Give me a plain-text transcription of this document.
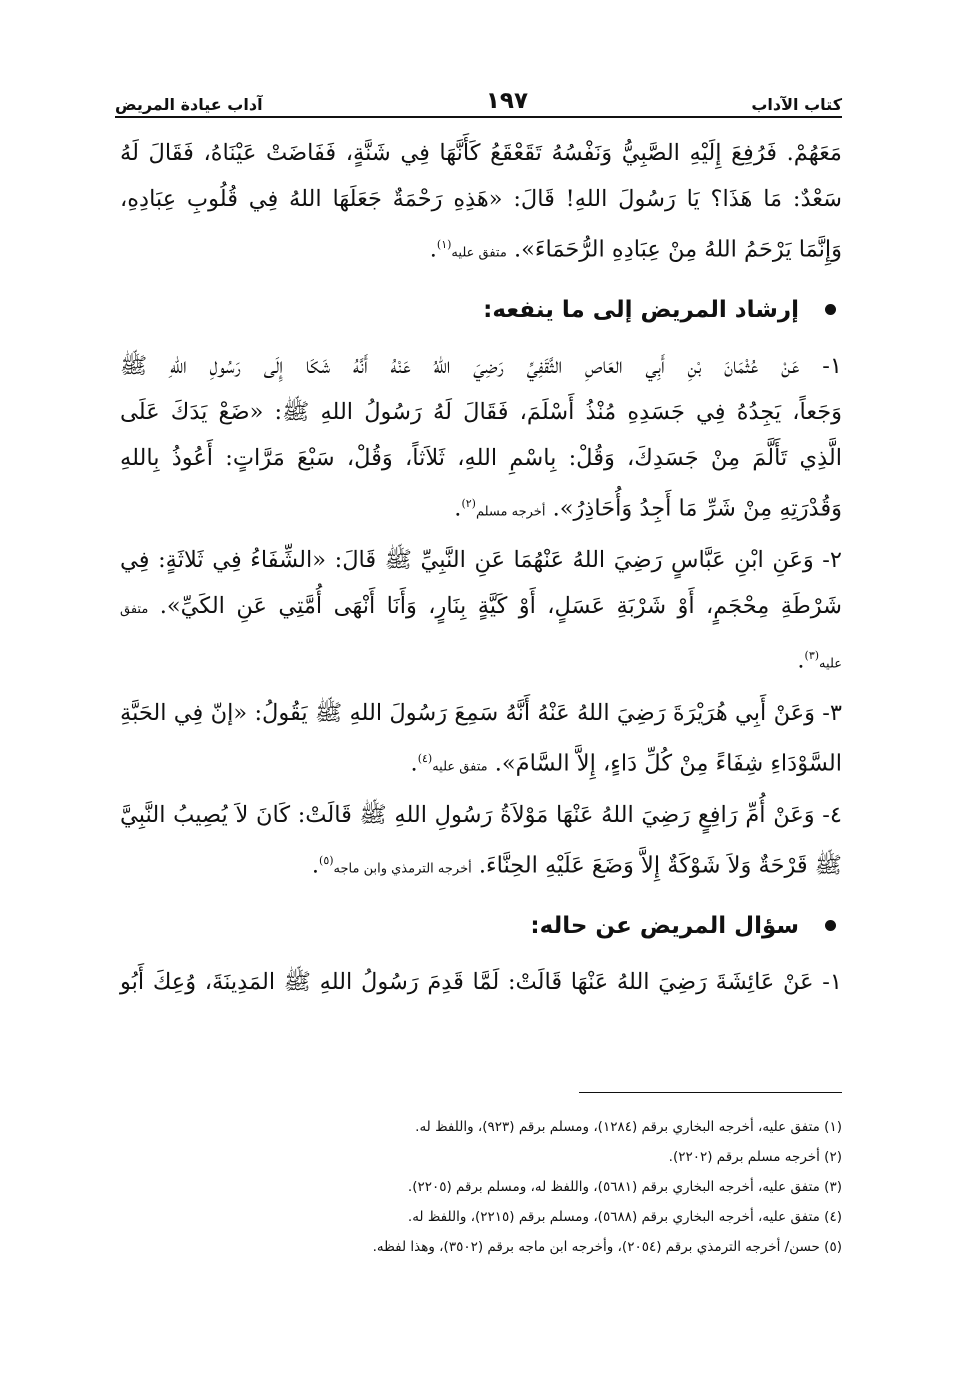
كتاب الآداب
١٩٧
آداب عيادة المريض
مَعَهُمْ. فَرُفِعَ إِلَيْهِ الصَّبِيُّ وَنَفْسُهُ تَقَعْقَعُ كَأَنَّهَا فِي شَنَّةٍ، فَفَاضَتْ عَيْنَاهُ، فَقَالَ لَهُ
سَعْدٌ: مَا هَذَا؟ يَا رَسُولَ اللهِ! قَالَ: «هَذِهِ رَحْمَةٌ جَعَلَهَا اللهُ فِي قُلُوبِ عِبَادِهِ،
وَإِنَّمَا يَرْحَمُ اللهُ مِنْ عِبَادِهِ الرُّحَمَاءَ». متفق عليه$^{(١)}$.
إرشاد المريض إلى ما ينفعه:
١- عَنْ عُثْمَانَ بْنِ أَبِي العَاصِ الثَّقَفِيِّ رَضِيَ اللهُ عَنْهُ أَنَّهُ شَكَا إِلَى رَسُولِ اللهِ ﷺ
وَجَعاً، يَجِدُهُ فِي جَسَدِهِ مُنْذُ أَسْلَمَ، فَقَالَ لَهُ رَسُولُ اللهِ ﷺ: «ضَعْ يَدَكَ عَلَى
الَّذِي تَأَلَّمَ مِنْ جَسَدِكَ، وَقُلْ: بِاسْمِ اللهِ، ثَلاَثاً، وَقُلْ، سَبْعَ مَرَّاتٍ: أَعُوذُ بِاللهِ
وَقُدْرَتِهِ مِنْ شَرِّ مَا أَجِدُ وَأُحَاذِرُ». أخرجه مسلم$^{(٢)}$.
٢- وَعَنِ ابْنِ عَبَّاسٍ رَضِيَ اللهُ عَنْهُمَا عَنِ النَّبِيِّ ﷺ قَالَ: «الشِّفَاءُ فِي ثَلاثَةٍ: فِي
شَرْطَةِ مِحْجَمٍ، أَوْ شَرْبَةِ عَسَلٍ، أَوْ كَيَّةٍ بِنَارٍ، وَأَنَا أَنْهَى أُمَّتِي عَنِ الكَيِّ». متفق
عليه$^{(٣)}$.
٣- وَعَنْ أَبِي هُرَيْرَةَ رَضِيَ اللهُ عَنْهُ أَنَّهُ سَمِعَ رَسُولَ اللهِ ﷺ يَقُولُ: «إنّ فِي الحَبَّةِ
السَّوْدَاءِ شِفَاءً مِنْ كُلِّ دَاءٍ، إِلاَّ السَّامَ». متفق عليه$^{(٤)}$.
٤- وَعَنْ أُمِّ رَافِعٍ رَضِيَ اللهُ عَنْهَا مَوْلاَةُ رَسُولِ اللهِ ﷺ قَالَتْ: كَانَ لاَ يُصِيبُ النَّبِيَّ
ﷺ قَرْحَةٌ وَلاَ شَوْكَةٌ إِلاَّ وَضَعَ عَلَيْهِ الحِنَّاءَ. أخرجه الترمذي وابن ماجه$^{(٥)}$.
سؤال المريض عن حاله:
١- عَنْ عَائِشَةَ رَضِيَ اللهُ عَنْهَا قَالَتْ: لَمَّا قَدِمَ رَسُولُ اللهِ ﷺ المَدِينَةَ، وُعِكَ أَبُو
(١) متفق عليه، أخرجه البخاري برقم (١٢٨٤)، ومسلم برقم (٩٢٣)، واللفظ له.
(٢) أخرجه مسلم برقم (٢٢٠٢).
(٣) متفق عليه، أخرجه البخاري برقم (٥٦٨١)، واللفظ له، ومسلم برقم (٢٢٠٥).
(٤) متفق عليه، أخرجه البخاري برقم (٥٦٨٨)، ومسلم برقم (٢٢١٥)، واللفظ له.
(٥) حسن/ أخرجه الترمذي برقم (٢٠٥٤)، وأخرجه ابن ماجه برقم (٣٥٠٢)، وهذا لفظه.
